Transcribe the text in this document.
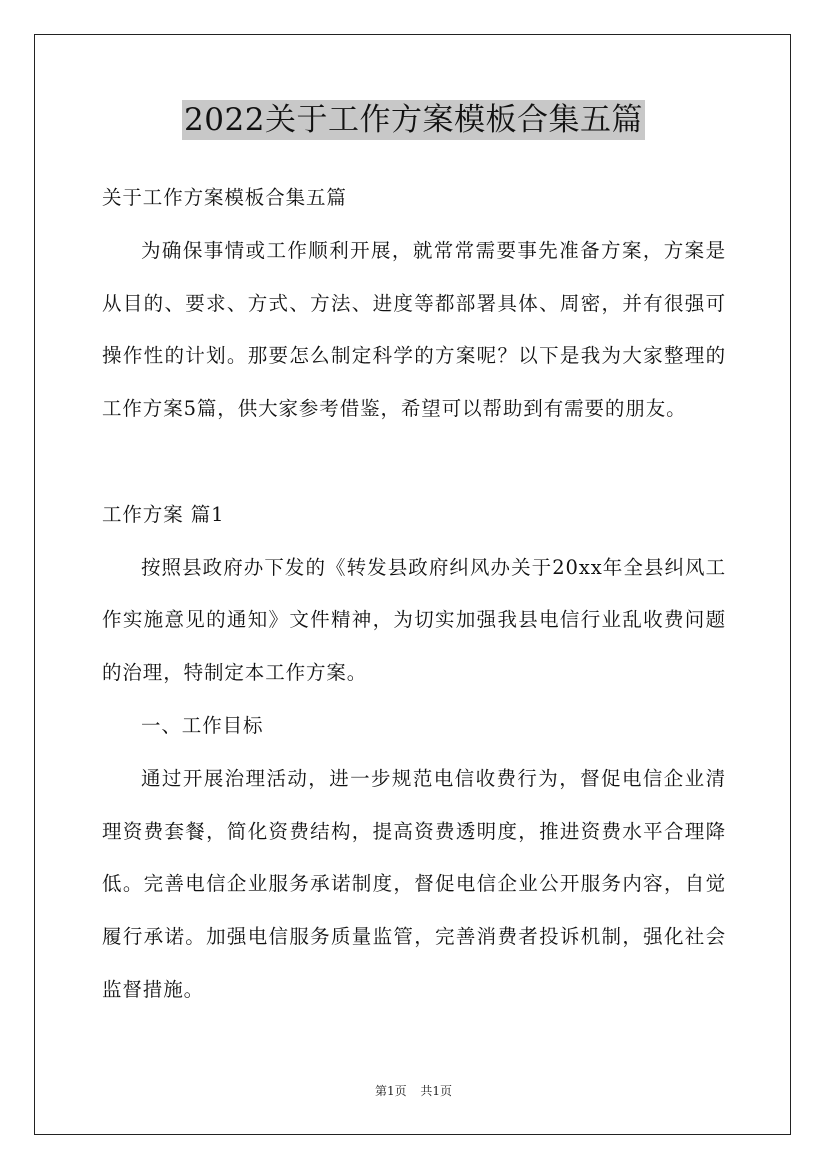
2022关于工作方案模板合集五篇

关于工作方案模板合集五篇

为确保事情或工作顺利开展，就常常需要事先准备方案，方案是从目的、要求、方式、方法、进度等都部署具体、周密，并有很强可操作性的计划。那要怎么制定科学的方案呢？以下是我为大家整理的工作方案5篇，供大家参考借鉴，希望可以帮助到有需要的朋友。

工作方案 篇1

按照县政府办下发的《转发县政府纠风办关于20xx年全县纠风工作实施意见的通知》文件精神，为切实加强我县电信行业乱收费问题的治理，特制定本工作方案。

一、工作目标

通过开展治理活动，进一步规范电信收费行为，督促电信企业清理资费套餐，简化资费结构，提高资费透明度，推进资费水平合理降低。完善电信企业服务承诺制度，督促电信企业公开服务内容，自觉履行承诺。加强电信服务质量监管，完善消费者投诉机制，强化社会监督措施。

第1页 共1页
